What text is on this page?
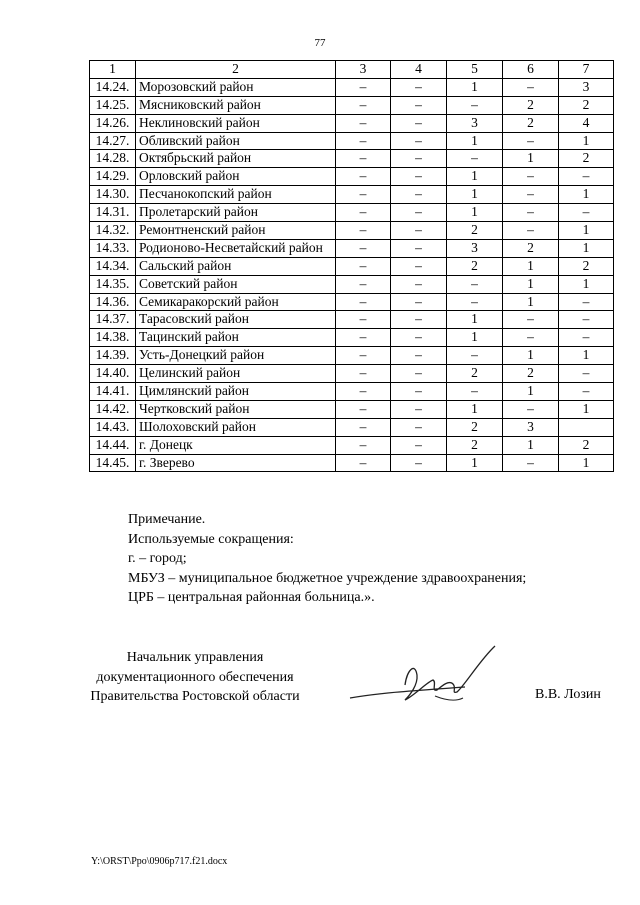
77
1	2	3	4	5	6	7
14.24.	Морозовский район	–	–	1	–	3
14.25.	Мясниковский район	–	–	–	2	2
14.26.	Неклиновский район	–	–	3	2	4
14.27.	Обливский район	–	–	1	–	1
14.28.	Октябрьский район	–	–	–	1	2
14.29.	Орловский район	–	–	1	–	–
14.30.	Песчанокопский район	–	–	1	–	1
14.31.	Пролетарский район	–	–	1	–	–
14.32.	Ремонтненский район	–	–	2	–	1
14.33.	Родионово-Несветайский район	–	–	3	2	1
14.34.	Сальский район	–	–	2	1	2
14.35.	Советский район	–	–	–	1	1
14.36.	Семикаракорский район	–	–	–	1	–
14.37.	Тарасовский район	–	–	1	–	–
14.38.	Тацинский район	–	–	1	–	–
14.39.	Усть-Донецкий район	–	–	–	1	1
14.40.	Целинский район	–	–	2	2	–
14.41.	Цимлянский район	–	–	–	1	–
14.42.	Чертковский район	–	–	1	–	1
14.43.	Шолоховский район	–	–	2	3	
14.44.	г. Донецк	–	–	2	1	2
14.45.	г. Зверево	–	–	1	–	1

Примечание.

Используемые сокращения:

г. – город;

МБУЗ – муниципальное бюджетное учреждение здравоохранения;

ЦРБ – центральная районная больница.».

Начальник управления

документационного обеспечения

Правительства Ростовской области	В.В. Лозин
Y:\ORST\Ppo\0906p717.f21.docx
